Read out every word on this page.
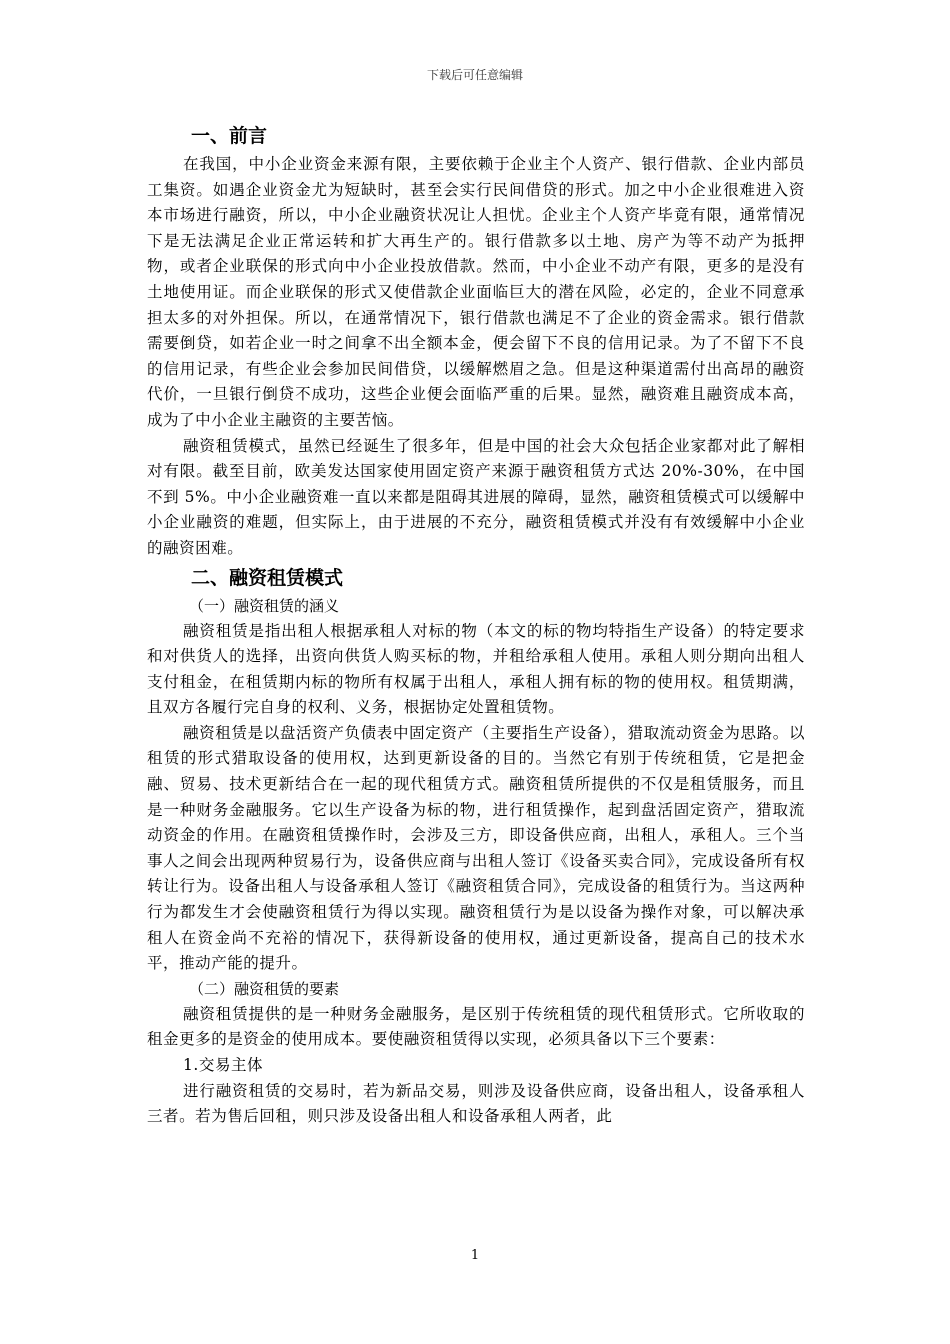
下载后可任意编辑
一、前言

在我国，中小企业资金来源有限，主要依赖于企业主个人资产、银行借款、企业内部员工集资。如遇企业资金尤为短缺时，甚至会实行民间借贷的形式。加之中小企业很难进入资本市场进行融资，所以，中小企业融资状况让人担忧。企业主个人资产毕竟有限，通常情况下是无法满足企业正常运转和扩大再生产的。银行借款多以土地、房产为等不动产为抵押物，或者企业联保的形式向中小企业投放借款。然而，中小企业不动产有限，更多的是没有土地使用证。而企业联保的形式又使借款企业面临巨大的潜在风险，必定的，企业不同意承担太多的对外担保。所以，在通常情况下，银行借款也满足不了企业的资金需求。银行借款需要倒贷，如若企业一时之间拿不出全额本金，便会留下不良的信用记录。为了不留下不良的信用记录，有些企业会参加民间借贷，以缓解燃眉之急。但是这种渠道需付出高昂的融资代价，一旦银行倒贷不成功，这些企业便会面临严重的后果。显然，融资难且融资成本高，成为了中小企业主融资的主要苦恼。

融资租赁模式，虽然已经诞生了很多年，但是中国的社会大众包括企业家都对此了解相对有限。截至目前，欧美发达国家使用固定资产来源于融资租赁方式达 20%-30%，在中国不到 5%。中小企业融资难一直以来都是阻碍其进展的障碍，显然，融资租赁模式可以缓解中小企业融资的难题，但实际上，由于进展的不充分，融资租赁模式并没有有效缓解中小企业的融资困难。

二、融资租赁模式
（一）融资租赁的涵义

融资租赁是指出租人根据承租人对标的物（本文的标的物均特指生产设备）的特定要求和对供货人的选择，出资向供货人购买标的物，并租给承租人使用。承租人则分期向出租人支付租金，在租赁期内标的物所有权属于出租人，承租人拥有标的物的使用权。租赁期满，且双方各履行完自身的权利、义务，根据协定处置租赁物。

融资租赁是以盘活资产负债表中固定资产（主要指生产设备），猎取流动资金为思路。以租赁的形式猎取设备的使用权，达到更新设备的目的。当然它有别于传统租赁，它是把金融、贸易、技术更新结合在一起的现代租赁方式。融资租赁所提供的不仅是租赁服务，而且是一种财务金融服务。它以生产设备为标的物，进行租赁操作，起到盘活固定资产，猎取流动资金的作用。在融资租赁操作时，会涉及三方，即设备供应商，出租人，承租人。三个当事人之间会出现两种贸易行为，设备供应商与出租人签订《设备买卖合同》，完成设备所有权转让行为。设备出租人与设备承租人签订《融资租赁合同》，完成设备的租赁行为。当这两种行为都发生才会使融资租赁行为得以实现。融资租赁行为是以设备为操作对象，可以解决承租人在资金尚不充裕的情况下，获得新设备的使用权，通过更新设备，提高自己的技术水平，推动产能的提升。

（二）融资租赁的要素

融资租赁提供的是一种财务金融服务，是区别于传统租赁的现代租赁形式。它所收取的租金更多的是资金的使用成本。要使融资租赁得以实现，必须具备以下三个要素：

1.交易主体

进行融资租赁的交易时，若为新品交易，则涉及设备供应商，设备出租人，设备承租人三者。若为售后回租，则只涉及设备出租人和设备承租人两者，此

1
